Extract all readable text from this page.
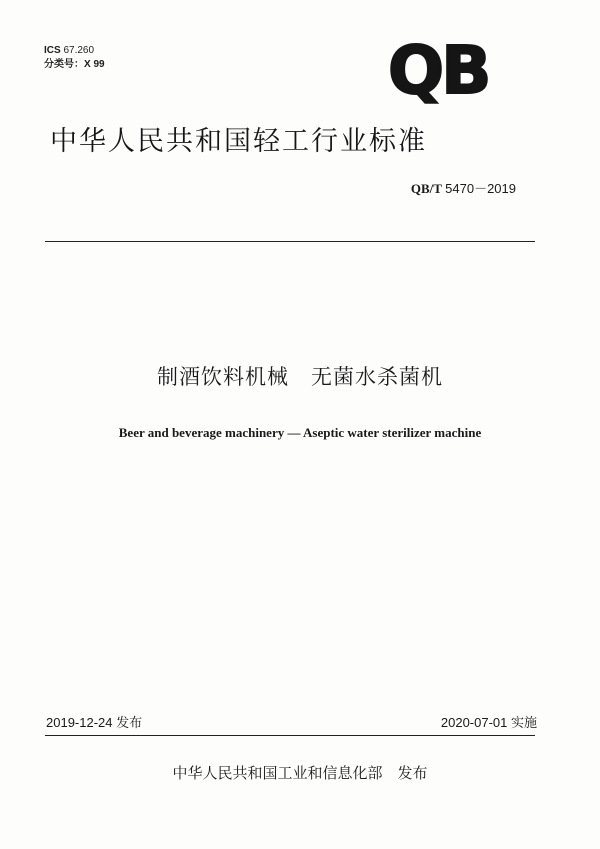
ICS 67.260
分类号：X 99	QB
中华人民共和国轻工行业标准
QB/T 5470－2019
制酒饮料机械　无菌水杀菌机
Beer and beverage machinery — Aseptic water sterilizer machine
2019-12-24 发布	2020-07-01 实施
中华人民共和国工业和信息化部　发布
